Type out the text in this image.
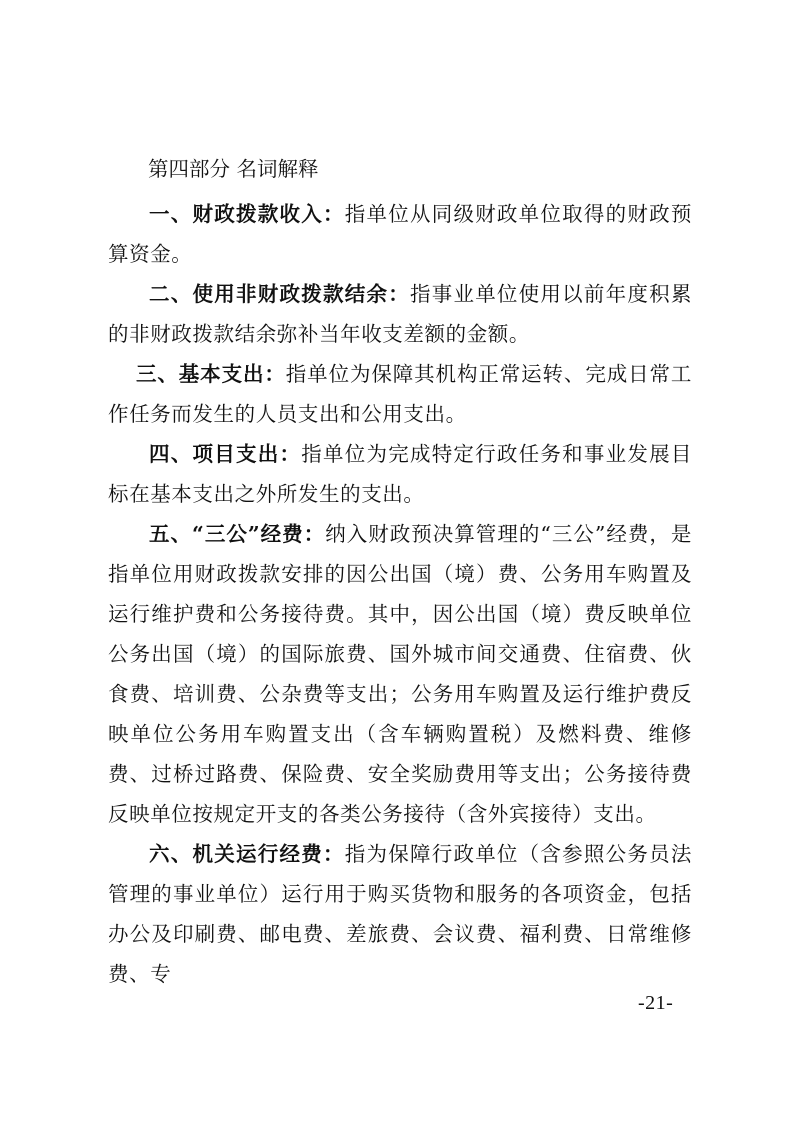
第四部分 名词解释

一、财政拨款收入：指单位从同级财政单位取得的财政预算资金。

二、使用非财政拨款结余：指事业单位使用以前年度积累的非财政拨款结余弥补当年收支差额的金额。

三、基本支出：指单位为保障其机构正常运转、完成日常工作任务而发生的人员支出和公用支出。

四、项目支出：指单位为完成特定行政任务和事业发展目标在基本支出之外所发生的支出。

五、“三公”经费：纳入财政预决算管理的“三公”经费，是指单位用财政拨款安排的因公出国（境）费、公务用车购置及运行维护费和公务接待费。其中，因公出国（境）费反映单位公务出国（境）的国际旅费、国外城市间交通费、住宿费、伙食费、培训费、公杂费等支出；公务用车购置及运行维护费反映单位公务用车购置支出（含车辆购置税）及燃料费、维修费、过桥过路费、保险费、安全奖励费用等支出；公务接待费反映单位按规定开支的各类公务接待（含外宾接待）支出。

六、机关运行经费：指为保障行政单位（含参照公务员法管理的事业单位）运行用于购买货物和服务的各项资金，包括办公及印刷费、邮电费、差旅费、会议费、福利费、日常维修费、专

-21-
